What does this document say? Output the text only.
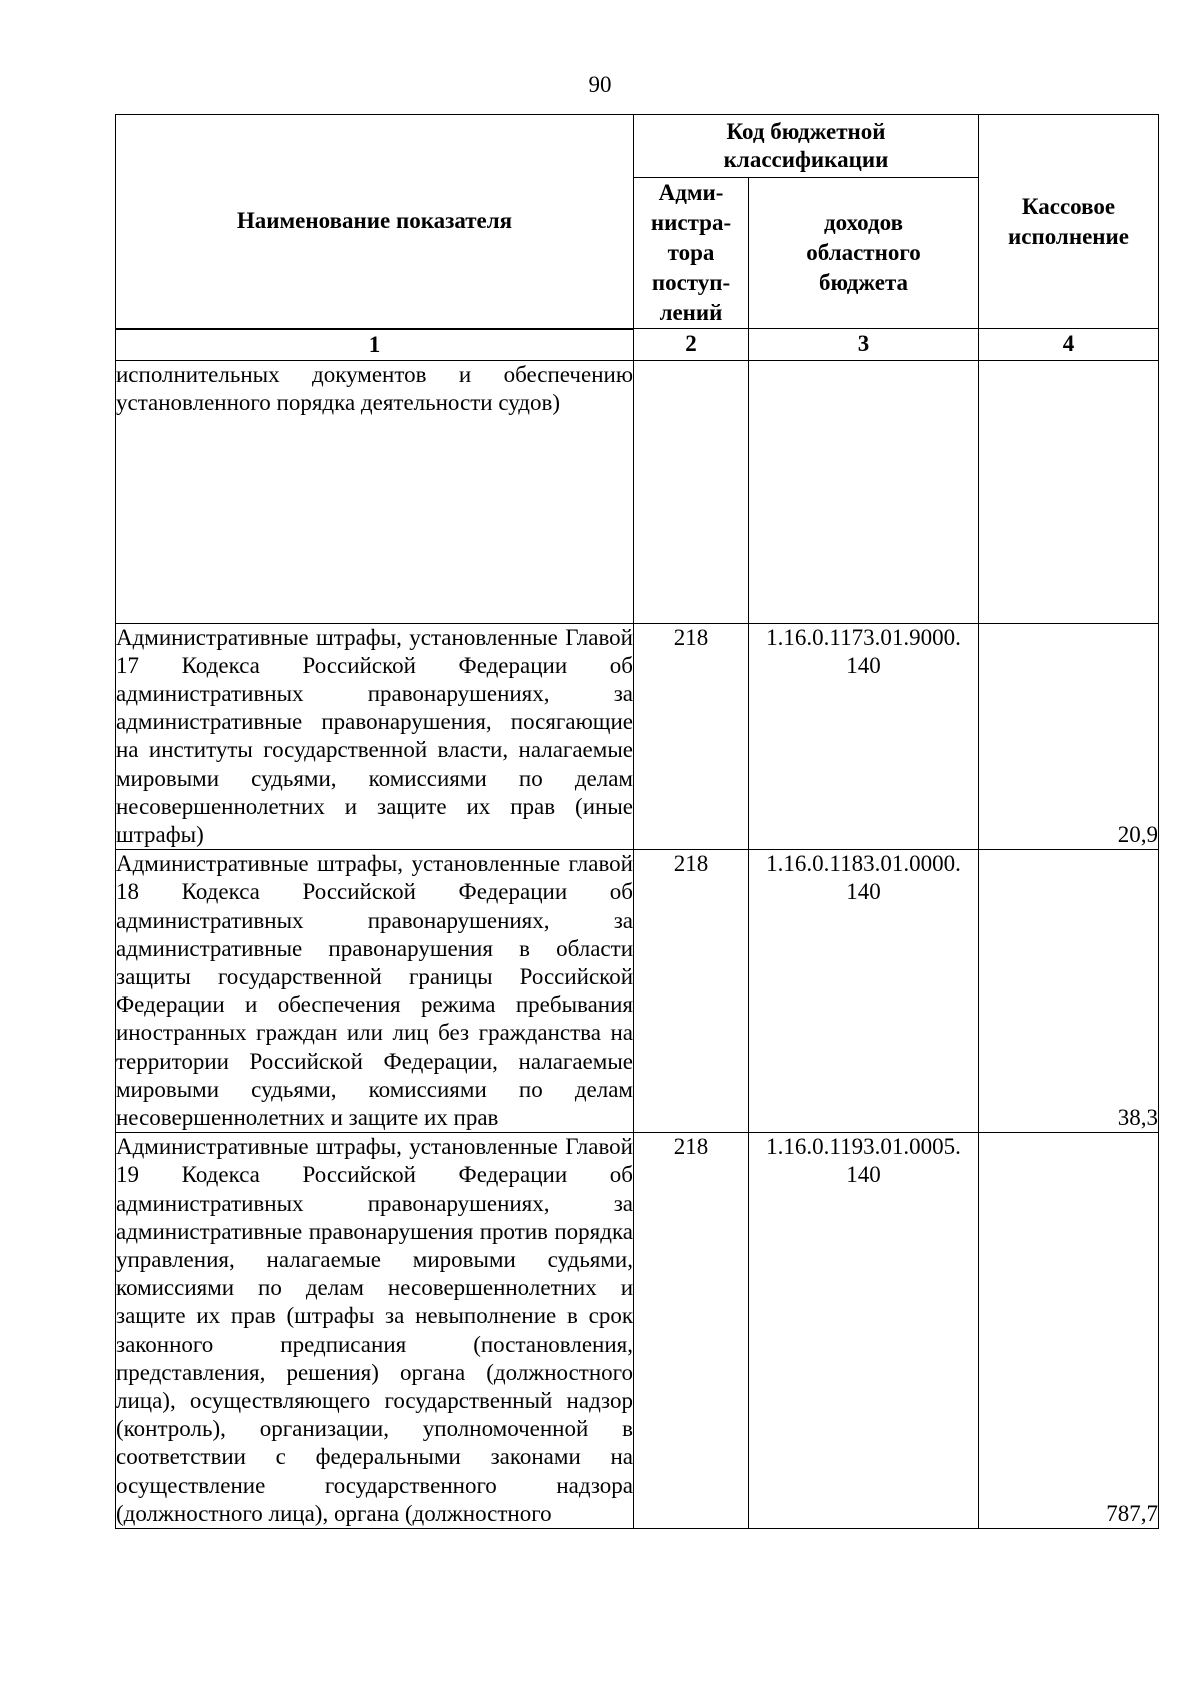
90
Наименование показателя	Код бюджетной классификации		Кассовое исполнение
	Адми-нистра-тора поступ-лений	доходов областного бюджета	
1	2	3	4
исполнительных документов и обеспечению установленного порядка деятельности судов)			
Административные штрафы, установленные Главой 17 Кодекса Российской Федерации об административных правонарушениях, за административные правонарушения, посягающие на институты государственной власти, налагаемые мировыми судьями, комиссиями по делам несовершеннолетних и защите их прав (иные штрафы)	218	1.16.0.1173.01.9000. 140	20,9
Административные штрафы, установленные главой 18 Кодекса Российской Федерации об административных правонарушениях, за административные правонарушения в области защиты государственной границы Российской Федерации и обеспечения режима пребывания иностранных граждан или лиц без гражданства на территории Российской Федерации, налагаемые мировыми судьями, комиссиями по делам несовершеннолетних и защите их прав	218	1.16.0.1183.01.0000. 140	38,3
Административные штрафы, установленные Главой 19 Кодекса Российской Федерации об административных правонарушениях, за административные правонарушения против порядка управления, налагаемые мировыми судьями, комиссиями по делам несовершеннолетних и защите их прав (штрафы за невыполнение в срок законного предписания (постановления, представления, решения) органа (должностного лица), осуществляющего государственный надзор (контроль), организации, уполномоченной в соответствии с федеральными законами на осуществление государственного надзора (должностного лица), органа (должностного	218	1.16.0.1193.01.0005. 140	787,7
